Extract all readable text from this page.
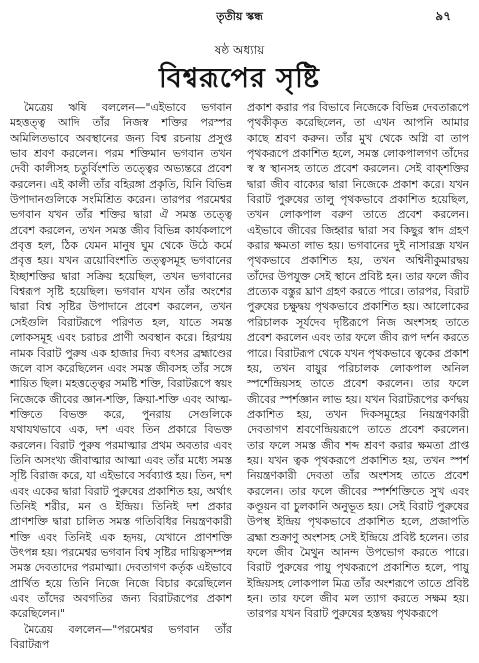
তৃতীয় স্কন্ধ	৯৭
ষষ্ঠ অধ্যায়
বিশ্বরূপের সৃষ্টি

মৈত্রেয় ঋষি বললেন—"এইভাবে ভগবান মহত্তত্ত্ব আদি তাঁর নিজস্ব শক্তির পরস্পর অমিলিতভাবে অবস্থানের জন্য বিশ্ব রচনায় প্রসুপ্ত ভাব শ্রবণ করলেন। পরম শক্তিমান ভগবান তখন দেবী কালীসহ চতুর্বিংশতি তত্ত্বের অভ্যন্তরে প্রবেশ করলেন। এই কালী তাঁর বহিরঙ্গা প্রকৃতি, যিনি বিভিন্ন উপাদানগুলিকে সংমিশ্রিত করেন। তারপর পরমেশ্বর ভগবান যখন তাঁর শক্তির দ্বারা ঐ সমস্ত তত্ত্বে প্রবেশ করলেন, তখন সমস্ত জীব বিভিন্ন কার্যকলাপে প্রবৃত্ত হল, ঠিক যেমন মানুষ ঘুম থেকে উঠে কর্মে প্রবৃত্ত হয়। যখন ত্রয়োবিংশতি তত্ত্বসমূহ ভগবানের ইচ্ছাশক্তির দ্বারা সক্রিয় হয়েছিল, তখন ভগবানের বিশ্বরূপ সৃষ্টি হয়েছিল। ভগবান যখন তাঁর অংশের দ্বারা বিশ্ব সৃষ্টির উপাদানে প্রবেশ করলেন, তখন সেইগুলি বিরাটরূপে পরিণত হল, যাতে সমস্ত লোকসমূহ এবং চরাচর প্রাণী অবস্থান করে। হিরণ্ময় নামক বিরাট পুরুষ এক হাজার দিব্য বৎসর ব্রহ্মাণ্ডের জলে বাস করেছিলেন এবং সমস্ত জীবসহ তাঁর সঙ্গে শায়িত ছিল। মহত্তত্ত্বের সমষ্টি শক্তি, বিরাটরূপে স্বয়ং নিজেকে জীবের জ্ঞান-শক্তি, ক্রিয়া-শক্তি এবং আত্ম-শক্তিতে বিভক্ত করে, পুনরায় সেগুলিকে যথাযথভাবে এক, দশ এবং তিন প্রকারে বিভক্ত করলেন। বিরাট পুরুষ পরমাত্মার প্রথম অবতার এবং তিনি অসংখ্য জীবাত্মার আত্মা এবং তাঁর মধ্যে সমস্ত সৃষ্টি বিরাজ করে, যা এইভাবে সর্বব্যাপ্ত হয়। তিন, দশ এবং একের দ্বারা বিরাট পুরুষের প্রকাশিত হয়, অর্থাৎ তিনিই শরীর, মন ও ইন্দ্রিয়। তিনিই দশ প্রকার প্রাণশক্তি দ্বারা চালিত সমস্ত গতিবিধির নিয়ন্ত্রণকারী শক্তি এবং তিনিই এক হৃদয়, যেখানে প্রাণশক্তি উৎপন্ন হয়। পরমেশ্বর ভগবান বিশ্ব সৃষ্টির দায়িত্বসম্পন্ন সমস্ত দেবতাদের পরমাত্মা। দেবতাগণ কর্তৃক এইভাবে প্রার্থিত হয়ে তিনি নিজে নিজে বিচার করেছিলেন এবং তাঁদের অবগতির জন্য বিরাটরূপের প্রকাশ করেছিলেন।"

মৈত্রেয় বললেন—"পরমেশ্বর ভগবান তাঁর বিরাটরূপ

প্রকাশ করার পর বিভাবে নিজেকে বিভিন্ন দেবতারূপে পৃথকীকৃত করেছিলেন, তা এখন আপনি আমার কাছে শ্রবণ করুন। তাঁর মুখ থেকে অগ্নি বা তাপ পৃথকরূপে প্রকাশিত হলে, সমস্ত লোকপালগণ তাঁদের স্ব স্ব স্থানসহ তাতে প্রবেশ করলেন। সেই বাক্শক্তির দ্বারা জীব বাক্যের দ্বারা নিজেকে প্রকাশ করে। যখন বিরাট পুরুষের তালু পৃথকভাবে প্রকাশিত হয়েছিল, তখন লোকপাল বরুণ তাতে প্রবেশ করলেন। এইভাবে জীবের জিহ্বার দ্বারা সব কিছুর স্বাদ গ্রহণ করার ক্ষমতা লাভ হয়। ভগবানের দুই নাসারন্ধ্র যখন পৃথকভাবে প্রকাশিত হয়, তখন অশ্বিনীকুমারদ্বয় তাঁদের উপযুক্ত সেই স্থানে প্রবিষ্ট হন। তার ফলে জীব প্রত্যেক বস্তুর ঘ্রাণ গ্রহণ করতে পারে। তারপর, বিরাট পুরুষের চক্ষুদ্বয় পৃথকভাবে প্রকাশিত হয়। আলোকের পরিচালক সূর্যদেব দৃষ্টিরূপে নিজ অংশসহ তাতে প্রবেশ করলেন এবং তার ফলে জীব রূপ দর্শন করতে পারে। বিরাটরূপ থেকে যখন পৃথকভাবে ত্বকের প্রকাশ হয়, তখন বায়ুর পরিচালক লোকপাল অনিল স্পর্শেন্দ্রিয়সহ তাতে প্রবেশ করলেন। তার ফলে জীবের স্পর্শজ্ঞান লাভ হয়। যখন বিরাটরূপের কর্ণদ্বয় প্রকাশিত হয়, তখন দিকসমূহের নিয়ন্ত্রণকারী দেবতাগণ শ্রবণেন্দ্রিয়রূপে তাতে প্রবেশ করলেন। তার ফলে সমস্ত জীব শব্দ শ্রবণ করার ক্ষমতা প্রাপ্ত হয়। যখন ত্বক পৃথকরূপে প্রকাশিত হয়, তখন স্পর্শ নিয়ন্ত্রণকারী দেবতা তাঁর অংশসহ তাতে প্রবেশ করলেন। তার ফলে জীবের স্পর্শশক্তিতে সুখ এবং কণ্ডূয়ন বা চুলকানি অনুভূত হয়। সেই বিরাট পুরুষের উপস্থ ইন্দ্রিয় পৃথকভাবে প্রকাশিত হলে, প্রজাপতি ব্রহ্মা শুক্রাণু অংশসহ সেই ইন্দ্রিয়ে প্রবিষ্ট হলেন। তার ফলে জীব মৈথুন আনন্দ উপভোগ করতে পারে। বিরাট পুরুষের পায়ু পৃথকরূপে প্রকাশিত হলে, পায়ু ইন্দ্রিয়সহ লোকপাল মিত্র তাঁর অংশরূপে তাতে প্রবিষ্ট হন। তার ফলে জীব মল ত্যাগ করতে সক্ষম হয়। তারপর যখন বিরাট পুরুষের হস্তদ্বয় পৃথকরূপে
